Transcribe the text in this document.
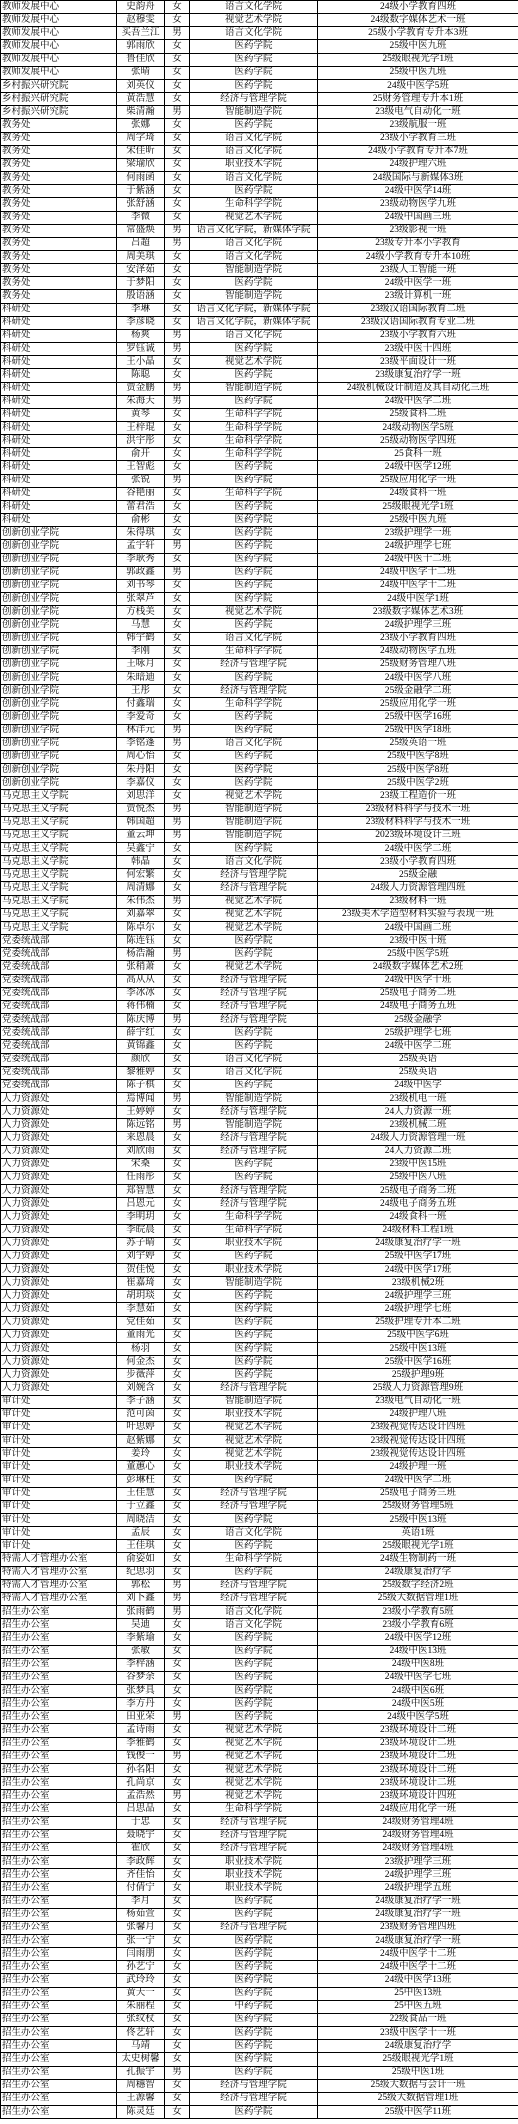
教师发展中心	史韵舟	女	语言文化学院	24级小学教育四班
教师发展中心	赵穆雯	女	视觉艺术学院	24级数字媒体艺术一班
教师发展中心	买吾兰江	男	语言文化学院	25级小学教育专升本3班
教师发展中心	郭雨欣	女	医药学院	25级中医九班
教师发展中心	鲁佳欣	女	医药学院	25级眼视光学1班
教师发展中心	张晴	女	医药学院	25级中医九班
乡村振兴研究院	刘英仪	女	医药学院	24级中医学5班
乡村振兴研究院	黄浩慧	女	经济与管理学院	25财务管理专升本1班
乡村振兴研究院	柴清瀚	男	智能制造学院	23级电气自动化一班
教务处	张娜	女	医药学院	23级航服一班
教务处	周字琦	女	语言文化学院	23级小学教育三班
教务处	宋佳昕	女	语言文化学院	24级小学教育专升本7班
教务处	梁瑜欣	女	职业技术学院	24级护理六班
教务处	何雨函	女	语言文化学院	24级国际与新媒体3班
教务处	于紫涵	女	医药学院	24级中医学14班
教务处	张舒涵	女	生命科学学院	23级动物医学九班
教务处	李微	女	视觉艺术学院	24级中国画三班
教务处	常盛焕	男	语言文化学院，新媒体学院	23级影视一班
教务处	吕超	男	语言文化学院	23级专升本小学教育
教务处	周美琪	女	语言文化学院	24级小学教育专升本10班
教务处	安泽茹	女	智能制造学院	23级人工智能一班
教务处	于梦阳	女	医药学院	24级中医学一班
教务处	殷语涵	女	智能制造学院	23级计算机一班
科研处	李琳	女	语言文化学院，新媒体学院	23级汉语国际教育二班
科研处	李彦晓	女	语言文化学院，新媒体学院	23级汉语国际教育专业二班
科研处	杨爽	男	语言文化学院	23级小学教育六班
科研处	罗钰诚	男	医药学院	23级中医十四班
科研处	王小晶	女	视觉艺术学院	23级平面设计一班
科研处	陈聪	女	医药学院	23级康复治疗学一班
科研处	贾金鹏	男	智能制造学院	24级机械设计制造及其自动化三班
科研处	朱海天	男	医药学院	24级中医学二班
科研处	黄琴	女	生命科学学院	25级食科二班
科研处	王梓琨	女	生命科学学院	24级动物医学5班
科研处	洪宇彤	女	生命科学学院	25级动物医学四班
科研处	俞开	女	生命科学学院	25食科一班
科研处	王智彪	女	医药学院	24级中医学12班
科研处	张锐	男	医药学院	25级应用化学一班
科研处	谷艳丽	女	生命科学学院	24级食科一班
科研处	蕾君浩	女	医药学院	25级眼视光学1班
科研处	俞彬	女	医药学院	25级中医九班
创新创业学院	朱得琪	女	医药学院	23级护理学一班
创新创业学院	孟宇轩	男	医药学院	24级护理学七班
创新创业学院	李耿秀	女	医药学院	24级中医十二班
创新创业学院	郭政鑫	男	医药学院	24级中医学十二班
创新创业学院	刘书琴	女	医药学院	24级中医学十二班
创新创业学院	张翠芦	女	医药学院	24级中医学1班
创新创业学院	方栈美	女	视觉艺术学院	23级数字媒体艺术3班
创新创业学院	马慧	女	医药学院	24级护理学三班
创新创业学院	韩宇鹤	女	语言文化学院	23级小学教育四班
创新创业学院	李刚	女	生命科学学院	24级动物医学五班
创新创业学院	王咏月	女	经济与管理学院	25级财务管理八班
创新创业学院	朱暗迪	女	医药学院	24级中医学八班
创新创业学院	王彤	女	经济与管理学院	25级金融学二班
创新创业学院	付鑫瑞	女	生命科学学院	25级应用化学一班
创新创业学院	李爱奇	女	医药学院	25级中医学16班
创新创业学院	林洋元	男	医药学院	25级中医学18班
创新创业学院	李铭蓬	男	语言文化学院	25级英语一班
创新创业学院	周心怡	女	医药学院	25级中医学8班
创新创业学院	朱丹阳	女	医药学院	25级中医学8班
创新创业学院	李嘉仪	女	医药学院	25级中医学2班
马克思主义学院	刘思洋	女	视觉艺术学院	23级工程造价一班
马克思主义学院	贾悦杰	男	智能制造学院	23级材料科学与技术一班
马克思主义学院	韩国超	男	智能制造学院	23级材料科学与技术一班
马克思主义学院	董云坤	男	智能制造学院	2023级环境设计三班
马克思主义学院	吴鑫宁	女	医药学院	24级中医学二班
马克思主义学院	韩晶	女	语言文化学院	23级小学教育四班
马克思主义学院	何宏繁	女	经济与管理学院	25级金融
马克思主义学院	周清娜	女	经济与管理学院	24级人力资源管理四班
马克思主义学院	朱伟杰	男	视觉艺术学院	23级材料一班
马克思主义学院	刘嘉翠	女	视觉艺术学院	23级美术学造型材料实验与表现一班
马克思主义学院	陈卓尔	女	视觉艺术学院	24级中国画二班
党委统战部	陈连钰	女	医药学院	23级中医十班
党委统战部	杨浩瀚	男	医药学院	25级中医学5班
党委统战部	张稍萧	女	视觉艺术学院	24级数字媒体艺术2班
党委统战部	高从从	女	经济与管理学院	24级中医学十班
党委统战部	李冰冰	女	经济与管理学院	25级电子商务二班
党委统战部	蒋伟楠	女	经济与管理学院	24级电子商务五班
党委统战部	陈庆博	男	经济与管理学院	25级金融学
党委统战部	薛宇红	女	医药学院	25级护理学七班
党委统战部	黄锦鑫	女	医药学院	24级中医学二班
党委统战部	颜欣	女	语言文化学院	25级英语
党委统战部	黎雅婷	女	语言文化学院	25级英语
党委统战部	陈子棋	女	医药学院	24级中医学
人力资源处	焉博闻	男	智能制造学院	23级机电一班
人力资源处	王婷婷	女	经济与管理学院	24人力资源一班
人力资源处	陈远铭	男	智能制造学院	23级机械二班
人力资源处	来恩晨	女	经济与管理学院	24级人力资源管理一班
人力资源处	刘欣雨	女	经济与管理学院	24人力资源二班
人力资源处	宋桑	女	医药学院	23级中医15班
人力资源处	任雨彤	女	医药学院	25级中医八班
人力资源处	郑智慧	女	经济与管理学院	25级电子商务二班
人力资源处	吕恩元	女	经济与管理学院	24级电子商务五班
人力资源处	李明玥	女	生命科学学院	24级食科一班
人力资源处	李皖晨	女	生命科学学院	24级材料工程1班
人力资源处	苏子晴	女	职业技术学院	24级康复治疗学一班
人力资源处	刘宇婷	女	医药学院	25级中医学17班
人力资源处	贺佳悦	女	职业技术学院	24级中医学17班
人力资源处	崔嘉琦	女	智能制造学院	23级机械2班
人力资源处	胡玥琰	女	医药学院	24级护理学三班
人力资源处	李慧茹	女	医药学院	24级护理学七班
人力资源处	党佳茹	女	医药学院	25级护理专升本二班
人力资源处	董雨光	女	医药学院	25级中医学6班
人力资源处	杨羽	女	医药学院	25级中医13班
人力资源处	何金杰	女	医药学院	25级中医学16班
人力资源处	步薇萍	女	医药学院	25级护理9班
人力资源处	刘婉含	女	经济与管理学院	25级人力资源管理9班
审计处	李子涵	女	智能制造学院	23级电气自动化一班
审计处	范可茵	女	职业技术学院	24级护理八班
审计处	叶思婷	女	视觉艺术学院	23级视觉传达设计四班
审计处	赵紫娜	女	视觉艺术学院	23级视觉传达设计四班
审计处	姜玲	女	视觉艺术学院	23级视觉传达设计四班
审计处	董蕙心	女	职业技术学院	24级护理一班
审计处	彭琳柱	女	医药学院	24级中医学二班
审计处	王佳慧	女	经济与管理学院	25级电子商务三班
审计处	于立鑫	女	经济与管理学院	25级财务管理5班
审计处	周晓洁	女	医药学院	25级中医13班
审计处	孟辰	女	语言文化学院	英语1班
审计处	王佳琪	女	医药学院	25级眼视光学1班
特需人才管理办公室	俞姿如	女	生命科学学院	24级生物制药一班
特需人才管理办公室	纪思羽	女	医药学院	24级康复治疗学
特需人才管理办公室	郭松	男	经济与管理学院	25级数字经济2班
特需人才管理办公室	刘卜鑫	男	经济与管理学院	25级大数据管理1班
招生办公室	张雨鹤	男	语言文化学院	23级小学教育5班
招生办公室	吴迪	女	语言文化学院	23级小学教育6班
招生办公室	李紫瑜	女	医药学院	24级中医学12班
招生办公室	张敏	女	医药学院	24级中医13班
招生办公室	李梓涵	女	医药学院	24级中医8班
招生办公室	谷梦余	女	医药学院	24级中医学七班
招生办公室	张梦具	女	医药学院	24级中医6班
招生办公室	李方丹	女	医药学院	24级中医5班
招生办公室	田亚荣	男	医药学院	24级中医学5班
招生办公室	孟诗雨	女	视觉艺术学院	23级环境设计二班
招生办公室	李雅鹤	女	视觉艺术学院	23级环境设计二班
招生办公室	钱俊一	男	视觉艺术学院	23级环境设计二班
招生办公室	孙名阳	女	视觉艺术学院	23级环境设计二班
招生办公室	孔尚京	女	视觉艺术学院	23级环境设计二班
招生办公室	孟浩然	男	视觉艺术学院	23级环境设计四班
招生办公室	吕思品	女	生命科学学院	24级应用化学一班
招生办公室	于忠	女	经济与管理学院	24级财务管理4班
招生办公室	聂晓宇	女	经济与管理学院	24级财务管理4班
招生办公室	霍欣	女	经济与管理学院	24级财务管理4班
招生办公室	李政辉	女	职业技术学院	23级护理学三班
招生办公室	齐佳怡	女	职业技术学院	24级护理学三班
招生办公室	付倩宁	女	职业技术学院	24级护理学五班
招生办公室	李月	女	医药学院	24级康复治疗学一班
招生办公室	杨茹萱	女	医药学院	24级康复治疗学一班
招生办公室	张馨月	女	经济与管理学院	23级财务管理四班
招生办公室	张一宁	女	医药学院	24级康复治疗学一班
招生办公室	闫雨朋	女	医药学院	24级中医学十二班
招生办公室	孙艺宁	女	医药学院	24级中医学十二班
招生办公室	武玲玲	女	医药学院	24级中医学13班
招生办公室	黄天一	女	医药学院	25中医13班
招生办公室	朱丽程	女	中药学院	25中医五班
招生办公室	张纹杖	女	医药学院	22级食品一班
招生办公室	佟艺轩	女	医药学院	23级中医学十一班
招生办公室	马靖	女	医药学院	24级康复治疗学
招生办公室	太史树馨	女	医药学院	25级眼视光学1班
招生办公室	孔振宇	男	医药学院	25级中医1班
招生办公室	周穗智	女	经济与管理学院	25级大数据与会计一班
招生办公室	王源馨	女	经济与管理学院	25级大数据管理1班
招生办公室	陈灵廷	女	医药学院	25级中医学11班
